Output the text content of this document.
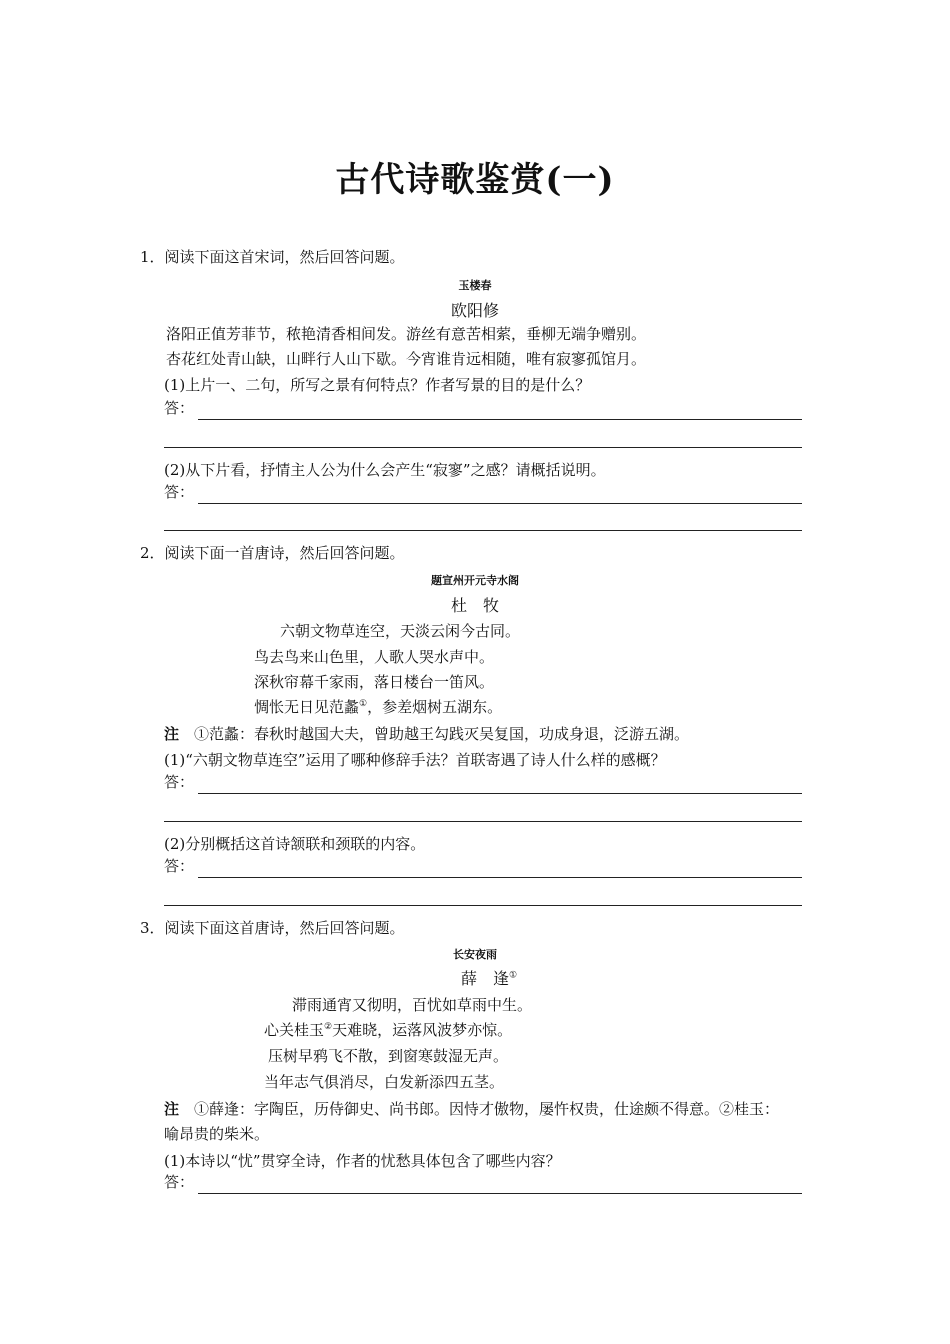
古代诗歌鉴赏(一)
1．阅读下面这首宋词，然后回答问题。
玉楼春
欧阳修
洛阳正值芳菲节，秾艳清香相间发。游丝有意苦相萦，垂柳无端争赠别。
杏花红处青山缺，山畔行人山下歇。今宵谁肯远相随，唯有寂寥孤馆月。
(1)上片一、二句，所写之景有何特点？作者写景的目的是什么？
答：
(2)从下片看，抒情主人公为什么会产生“寂寥”之感？请概括说明。
答：
2．阅读下面一首唐诗，然后回答问题。
题宣州开元寺水阁
杜　牧
六朝文物草连空，天淡云闲今古同。
鸟去鸟来山色里，人歌人哭水声中。
深秋帘幕千家雨，落日楼台一笛风。
惆怅无日见范蠡①，参差烟树五湖东。
注　 ①范蠡：春秋时越国大夫，曾助越王勾践灭吴复国，功成身退，泛游五湖。
(1)“六朝文物草连空”运用了哪种修辞手法？首联寄遇了诗人什么样的感概？
答：
(2)分别概括这首诗颔联和颈联的内容。
答：
3．阅读下面这首唐诗，然后回答问题。
长安夜雨
薛　逢①
滞雨通宵又彻明，百忧如草雨中生。
心关桂玉②天难晓，运落风波梦亦惊。
压树早鸦飞不散，到窗寒鼓湿无声。
当年志气俱消尽，白发新添四五茎。
注　 ①薛逢：字陶臣，历侍御史、尚书郎。因恃才傲物，屡忤权贵，仕途颇不得意。②桂玉：
喻昂贵的柴米。
(1)本诗以“忧”贯穿全诗，作者的忧愁具体包含了哪些内容？
答：
